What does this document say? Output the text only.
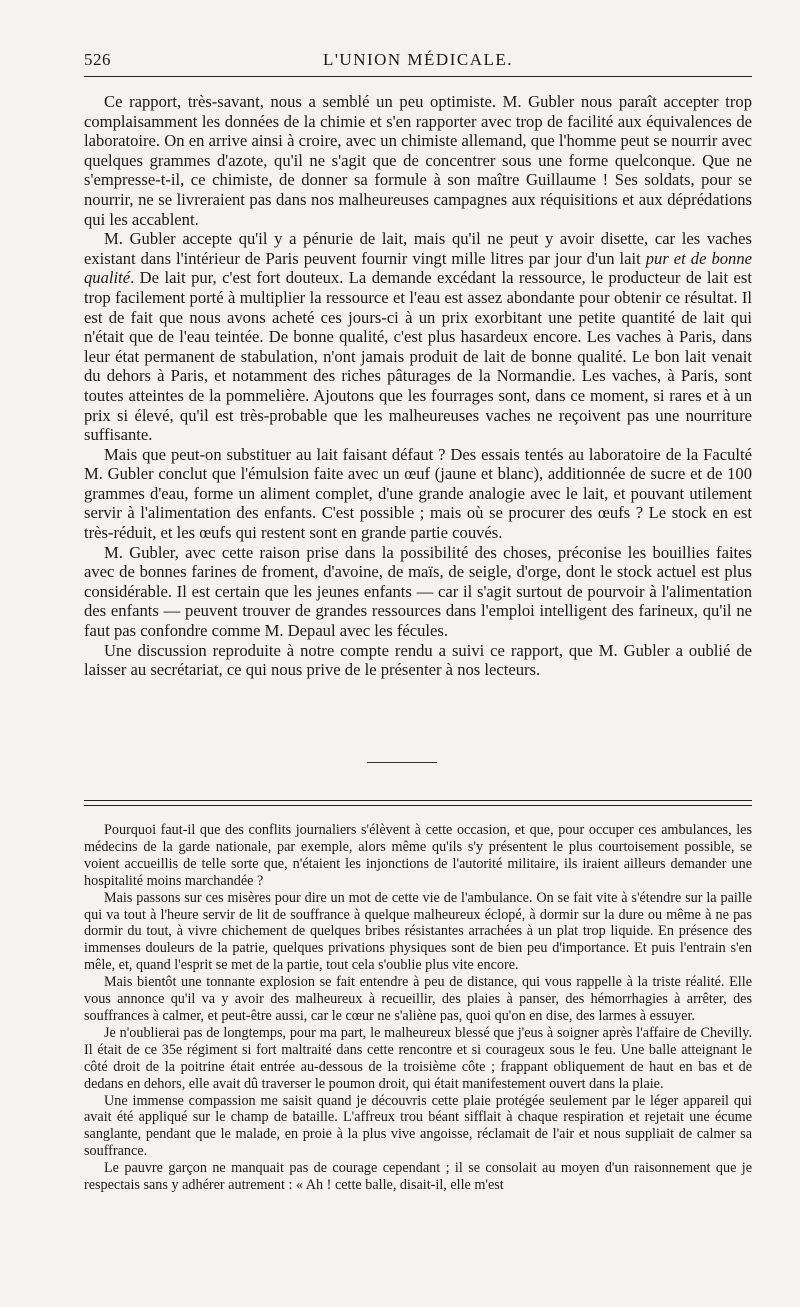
526	L'UNION MÉDICALE.

Ce rapport, très-savant, nous a semblé un peu optimiste. M. Gubler nous paraît accepter trop complaisamment les données de la chimie et s'en rapporter avec trop de facilité aux équivalences de laboratoire. On en arrive ainsi à croire, avec un chimiste allemand, que l'homme peut se nourrir avec quelques grammes d'azote, qu'il ne s'agit que de concentrer sous une forme quelconque. Que ne s'empresse-t-il, ce chimiste, de donner sa formule à son maître Guillaume ! Ses soldats, pour se nourrir, ne se livreraient pas dans nos malheureuses campagnes aux réquisitions et aux déprédations qui les accablent.

M. Gubler accepte qu'il y a pénurie de lait, mais qu'il ne peut y avoir disette, car les vaches existant dans l'intérieur de Paris peuvent fournir vingt mille litres par jour d'un lait pur et de bonne qualité. De lait pur, c'est fort douteux. La demande excédant la ressource, le producteur de lait est trop facilement porté à multiplier la ressource et l'eau est assez abondante pour obtenir ce résultat. Il est de fait que nous avons acheté ces jours-ci à un prix exorbitant une petite quantité de lait qui n'était que de l'eau teintée. De bonne qualité, c'est plus hasardeux encore. Les vaches à Paris, dans leur état permanent de stabulation, n'ont jamais produit de lait de bonne qualité. Le bon lait venait du dehors à Paris, et notamment des riches pâturages de la Normandie. Les vaches, à Paris, sont toutes atteintes de la pommelière. Ajoutons que les fourrages sont, dans ce moment, si rares et à un prix si élevé, qu'il est très-probable que les malheureuses vaches ne reçoivent pas une nourriture suffisante.

Mais que peut-on substituer au lait faisant défaut ? Des essais tentés au laboratoire de la Faculté M. Gubler conclut que l'émulsion faite avec un œuf (jaune et blanc), additionnée de sucre et de 100 grammes d'eau, forme un aliment complet, d'une grande analogie avec le lait, et pouvant utilement servir à l'alimentation des enfants. C'est possible ; mais où se procurer des œufs ? Le stock en est très-réduit, et les œufs qui restent sont en grande partie couvés.

M. Gubler, avec cette raison prise dans la possibilité des choses, préconise les bouillies faites avec de bonnes farines de froment, d'avoine, de maïs, de seigle, d'orge, dont le stock actuel est plus considérable. Il est certain que les jeunes enfants — car il s'agit surtout de pourvoir à l'alimentation des enfants — peuvent trouver de grandes ressources dans l'emploi intelligent des farineux, qu'il ne faut pas confondre comme M. Depaul avec les fécules.

Une discussion reproduite à notre compte rendu a suivi ce rapport, que M. Gubler a oublié de laisser au secrétariat, ce qui nous prive de le présenter à nos lecteurs.

Pourquoi faut-il que des conflits journaliers s'élèvent à cette occasion, et que, pour occuper ces ambulances, les médecins de la garde nationale, par exemple, alors même qu'ils s'y présentent le plus courtoisement possible, se voient accueillis de telle sorte que, n'étaient les injonctions de l'autorité militaire, ils iraient ailleurs demander une hospitalité moins marchandée ?

Mais passons sur ces misères pour dire un mot de cette vie de l'ambulance. On se fait vite à s'étendre sur la paille qui va tout à l'heure servir de lit de souffrance à quelque malheureux éclopé, à dormir sur la dure ou même à ne pas dormir du tout, à vivre chichement de quelques bribes résistantes arrachées à un plat trop liquide. En présence des immenses douleurs de la patrie, quelques privations physiques sont de bien peu d'importance. Et puis l'entrain s'en mêle, et, quand l'esprit se met de la partie, tout cela s'oublie plus vite encore.

Mais bientôt une tonnante explosion se fait entendre à peu de distance, qui vous rappelle à la triste réalité. Elle vous annonce qu'il va y avoir des malheureux à recueillir, des plaies à panser, des hémorrhagies à arrêter, des souffrances à calmer, et peut-être aussi, car le cœur ne s'aliène pas, quoi qu'on en dise, des larmes à essuyer.

Je n'oublierai pas de longtemps, pour ma part, le malheureux blessé que j'eus à soigner après l'affaire de Chevilly. Il était de ce 35e régiment si fort maltraité dans cette rencontre et si courageux sous le feu. Une balle atteignant le côté droit de la poitrine était entrée au-dessous de la troisième côte ; frappant obliquement de haut en bas et de dedans en dehors, elle avait dû traverser le poumon droit, qui était manifestement ouvert dans la plaie.

Une immense compassion me saisit quand je découvris cette plaie protégée seulement par le léger appareil qui avait été appliqué sur le champ de bataille. L'affreux trou béant sifflait à chaque respiration et rejetait une écume sanglante, pendant que le malade, en proie à la plus vive angoisse, réclamait de l'air et nous suppliait de calmer sa souffrance.

Le pauvre garçon ne manquait pas de courage cependant ; il se consolait au moyen d'un raisonnement que je respectais sans y adhérer autrement : « Ah ! cette balle, disait-il, elle m'est
